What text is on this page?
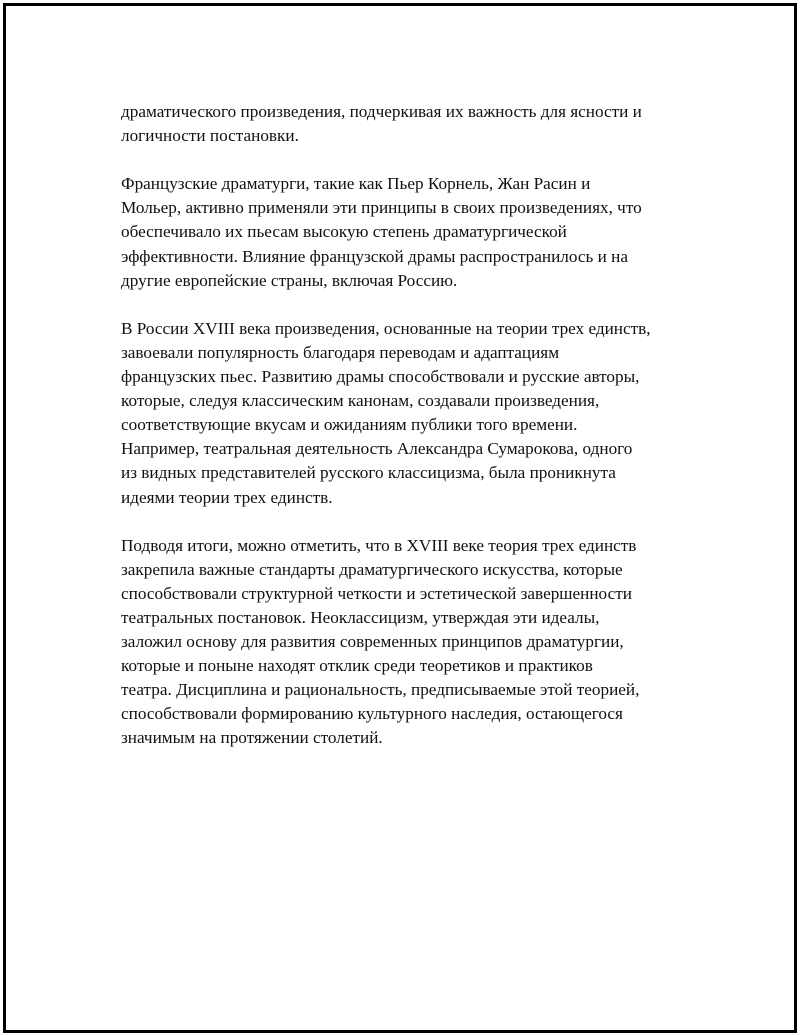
драматического произведения, подчеркивая их важность для ясности и
логичности постановки.

Французские драматурги, такие как Пьер Корнель, Жан Расин и
Мольер, активно применяли эти принципы в своих произведениях, что
обеспечивало их пьесам высокую степень драматургической
эффективности. Влияние французской драмы распространилось и на
другие европейские страны, включая Россию.

В России XVIII века произведения, основанные на теории трех единств,
завоевали популярность благодаря переводам и адаптациям
французских пьес. Развитию драмы способствовали и русские авторы,
которые, следуя классическим канонам, создавали произведения,
соответствующие вкусам и ожиданиям публики того времени.
Например, театральная деятельность Александра Сумарокова, одного
из видных представителей русского классицизма, была проникнута
идеями теории трех единств.

Подводя итоги, можно отметить, что в XVIII веке теория трех единств
закрепила важные стандарты драматургического искусства, которые
способствовали структурной четкости и эстетической завершенности
театральных постановок. Неоклассицизм, утверждая эти идеалы,
заложил основу для развития современных принципов драматургии,
которые и поныне находят отклик среди теоретиков и практиков
театра. Дисциплина и рациональность, предписываемые этой теорией,
способствовали формированию культурного наследия, остающегося
значимым на протяжении столетий.
